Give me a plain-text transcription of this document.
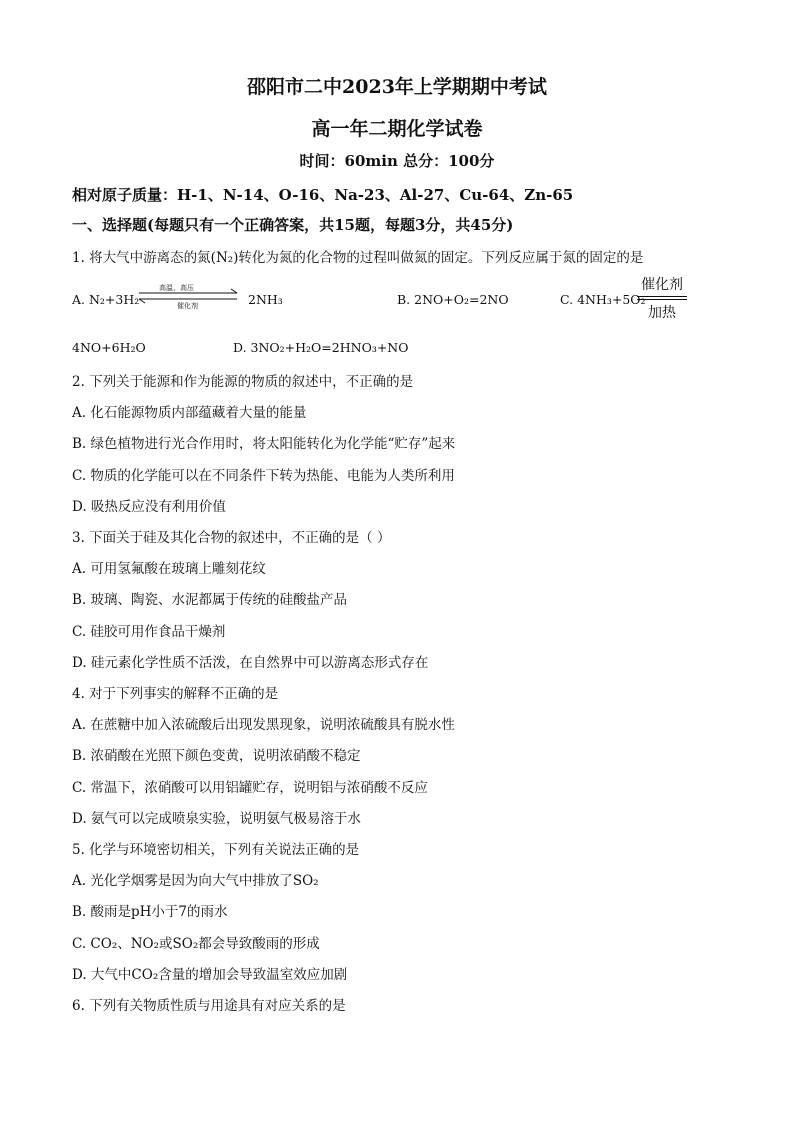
邵阳市二中2023年上学期期中考试
高一年二期化学试卷
时间：60min 总分：100分
相对原子质量：H-1、N-14、O-16、Na-23、Al-27、Cu-64、Zn-65
一、选择题(每题只有一个正确答案，共15题，每题3分，共45分)
1. 将大气中游离态的氮(N₂)转化为氮的化合物的过程叫做氮的固定。下列反应属于氮的固定的是
A. N₂+3H₂
高温、高压
催化剂	2NH₃	B. 2NO+O₂=2NO	C. 4NH₃+5O₂
催化剂
加热
4NO+6H₂O	D. 3NO₂+H₂O=2HNO₃+NO
2. 下列关于能源和作为能源的物质的叙述中，不正确的是
A. 化石能源物质内部蕴藏着大量的能量
B. 绿色植物进行光合作用时，将太阳能转化为化学能“贮存”起来
C. 物质的化学能可以在不同条件下转为热能、电能为人类所利用
D. 吸热反应没有利用价值
3. 下面关于硅及其化合物的叙述中，不正确的是（ ）
A. 可用氢氟酸在玻璃上雕刻花纹
B. 玻璃、陶瓷、水泥都属于传统的硅酸盐产品
C. 硅胶可用作食品干燥剂
D. 硅元素化学性质不活泼，在自然界中可以游离态形式存在
4. 对于下列事实的解释不正确的是
A. 在蔗糖中加入浓硫酸后出现发黑现象，说明浓硫酸具有脱水性
B. 浓硝酸在光照下颜色变黄，说明浓硝酸不稳定
C. 常温下，浓硝酸可以用铝罐贮存，说明铝与浓硝酸不反应
D. 氨气可以完成喷泉实验，说明氨气极易溶于水
5. 化学与环境密切相关，下列有关说法正确的是
A. 光化学烟雾是因为向大气中排放了SO₂
B. 酸雨是pH小于7的雨水
C. CO₂、NO₂或SO₂都会导致酸雨的形成
D. 大气中CO₂含量的增加会导致温室效应加剧
6. 下列有关物质性质与用途具有对应关系的是
